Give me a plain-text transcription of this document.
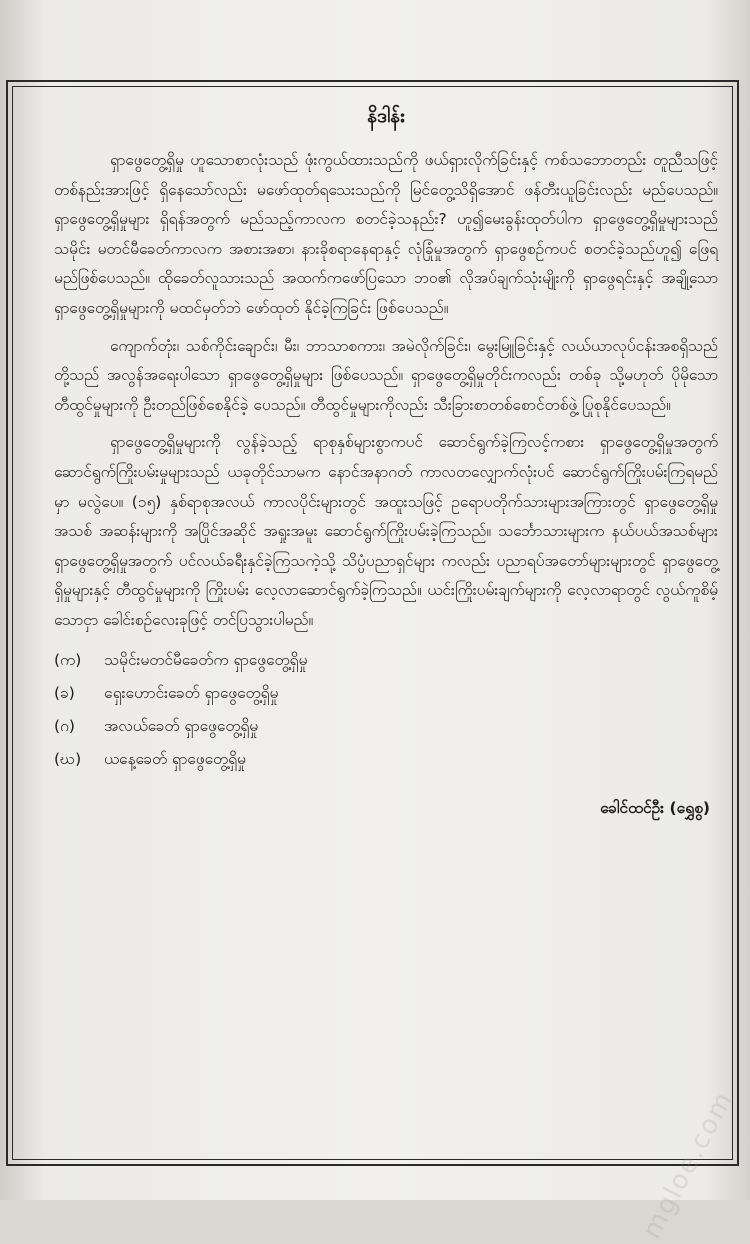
နိဒါန်း

ရှာဖွေတွေ့ရှိမှု ဟူသောစာလုံးသည် ဖုံးကွယ်ထားသည်ကို ဖယ်ရှားလိုက်ခြင်းနှင့် ကစ်သဘောတည်း တူညီသဖြင့် တစ်နည်းအားဖြင့် ရှိနေသော်လည်း မဖော်ထုတ်ရသေးသည်ကို မြင်တွေ့သိရှိအောင် ဖန်တီးယူခြင်းလည်း မည်ပေသည်။ ရှာဖွေတွေ့ရှိမှုများ ရှိရန်အတွက် မည်သည့်ကာလက စတင်ခဲ့သနည်း? ဟူ၍မေးခွန်းထုတ်ပါက ရှာဖွေတွေ့ရှိမှုများသည် သမိုင်း မတင်မီခေတ်ကာလက အစားအစာ၊ နားခိုစရာနေရာနှင့် လုံခြုံမှုအတွက် ရှာဖွေစဉ်ကပင် စတင်ခဲ့သည်ဟူ၍ ဖြေရမည်ဖြစ်ပေသည်။ ထိုခေတ်လူသားသည် အထက်ကဖော်ပြသော ဘဝ၏ လိုအပ်ချက်သုံးမျိုးကို ရှာဖွေရင်းနှင့် အချို့သော ရှာဖွေတွေ့ရှိမှုများကို မထင်မှတ်ဘဲ ဖော်ထုတ် နိုင်ခဲ့ကြခြင်း ဖြစ်ပေသည်။

ကျောက်တုံး၊ သစ်ကိုင်းချောင်း၊ မီး၊ ဘာသာစကား၊ အမဲလိုက်ခြင်း၊ မွေးမြူခြင်းနှင့် လယ်ယာလုပ်ငန်းအစရှိသည် တို့သည် အလွန်အရေးပါသော ရှာဖွေတွေ့ရှိမှုများ ဖြစ်ပေသည်။ ရှာဖွေတွေ့ရှိမှုတိုင်းကလည်း တစ်ခု သို့မဟုတ် ပိုမိုသောတီထွင်မှုများကို ဦးတည်ဖြစ်စေနိုင်ခဲ့ ပေသည်။ တီထွင်မှုများကိုလည်း သီးခြားစာတစ်စောင်တစ်ဖွဲ့ ပြုစုနိုင်ပေသည်။

ရှာဖွေတွေ့ရှိမှုများကို လွန်ခဲ့သည့် ရာစုနှစ်များစွာကပင် ဆောင်ရွက်ခဲ့ကြလင့်ကစား ရှာဖွေတွေ့ရှိမှုအတွက် ဆောင်ရွက်ကြိုးပမ်းမှုများသည် ယခုတိုင်သာမက နောင်အနာဂတ် ကာလတလျှောက်လုံးပင် ဆောင်ရွက်ကြိုးပမ်းကြရမည်မှာ မလွဲပေ။ (၁၅) နှစ်ရာစုအလယ် ကာလပိုင်းများတွင် အထူးသဖြင့် ဥရောပတိုက်သားများအကြားတွင် ရှာဖွေတွေ့ရှိမှုအသစ် အဆန်းများကို အပြိုင်အဆိုင် အရှုးအမူး ဆောင်ရွက်ကြိုးပမ်းခဲ့ကြသည်။ သင်္ဘောသားများက နယ်ပယ်အသစ်များ ရှာဖွေတွေ့ရှိမှုအတွက် ပင်လယ်ခရီးနှင်ခဲ့ကြသကဲ့သို့ သိပ္ပံပညာရှင်များ ကလည်း ပညာရပ်အတော်များများတွင် ရှာဖွေတွေ့ရှိမှုများနှင့် တီထွင်မှုများကို ကြိုးပမ်း လေ့လာဆောင်ရွက်ခဲ့ကြသည်။ ယင်းကြိုးပမ်းချက်များကို လေ့လာရာတွင် လွယ်ကူစိမ့်သောငှာ ခေါင်းစဉ်လေးခုဖြင့် တင်ပြသွားပါမည်။

(က)	သမိုင်းမတင်မီခေတ်က ရှာဖွေတွေ့ရှိမှု
(ခ)	ရှေးဟောင်းခေတ် ရှာဖွေတွေ့ရှိမှု
(ဂ)	အလယ်ခေတ် ရှာဖွေတွေ့ရှိမှု
(ဃ)	ယနေ့ခေတ် ရှာဖွေတွေ့ရှိမှု
ခေါင်ထင်ဦး (ရွှေစွ)
mgloe.com
